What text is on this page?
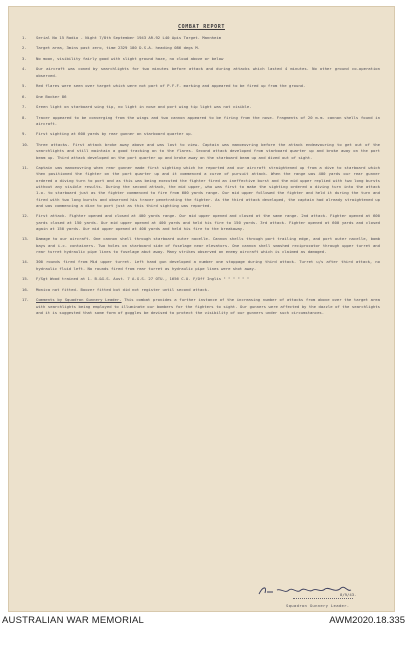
COMBAT REPORT
1.	Serial No 15 Radio - Night 7/8th September 1943 AR-92 L40 Apis Target. Mannheim
2.	Target area, 3mins past zero, time 2329 180 D.S.A. heading 086 degs M.
3.	No moon, visibility fairly good with slight ground haze, no cloud above or below
4.	Our aircraft was coned by searchlights for two minutes before attack and during attacks which lasted 4 minutes. No other ground co-operation observed.
5.	Red flares were seen over target which were not part of P.F.F. marking and appeared to be fired up from the ground.
6.	One Bocker 86
7.	Green light on starboard wing tip, no light in nose and port wing tip light was not visible.
8.	Tracer appeared to be converging from the wings and two cannon appeared to be firing from the nose. Fragments of 20 m.m. cannon shells found in aircraft.
9.	First sighting at 600 yards by rear gunner on starboard quarter up.
10.	Three attacks. First attack broke away above and was lost to view. Captain was manoeuvring before the attack endeavouring to get out of the searchlights and still maintain a good tracking on to the flares. Second attack developed from starboard quarter up and broke away on the port beam up. Third attack developed on the port quarter up and broke away on the starboard beam up and dived out of sight.
11.	Captain was manoeuvring when rear gunner made first sighting which he reported and our aircraft straightened up from a dive to starboard which then positioned the fighter on the port quarter up and it commenced a curve of pursuit attack. When the range was 400 yards our rear gunner ordered a diving turn to port and as this was being executed the fighter fired an ineffective burst and the mid upper replied with two long bursts without any visible results. During the second attack, the mid upper, who was first to make the sighting ordered a diving turn into the attack 1.o. to starboard just as the fighter commenced to fire from 600 yards range. Our mid upper followed the fighter and held it during the turn and fired with two long bursts and observed his tracer penetrating the fighter. As the third attack developed, the captain had already straightened up and was commencing a dive to port just as this third sighting was reported.
12.	First attack. Fighter opened and closed at 400 yards range. Our mid upper opened and closed at the same range. 2nd attack. Fighter opened at 600 yards closed at 150 yards. Our mid upper opened at 400 yards and held his fire to 150 yards. 3rd attack. Fighter opened at 600 yards and closed again at 150 yards. Our mid upper opened at 400 yards and held his fire to the breakaway.
13.	Damage to our aircraft. One cannon shell through starboard outer nacelle. Cannon shells through port trailing edge, and port outer nacelle, bomb bays and i.c. containers. Two holes on starboard side of fuselage near elevators. One cannon shell smashed reciprocator through upper turret and rear turret hydraulic pipe lines to fuselage abut away. Many strikes observed on enemy aircraft which is claimed as damaged.
14.	300 rounds fired from Mid upper turret. Left hand gun developed a number one stoppage during third attack. Turret u/s after third attack, no hydraulic fluid left. No rounds fired from rear turret as hydraulic pipe lines were shot away.
15.	F/Sgt Wood trained at 1. B.&G.S. Aust. 7 A.G.S. 27 OTU., 1656 C.U. F/Off Inglis " " " " " "
16.	Monica not fitted. Boozer fitted but did not register until second attack.
17.	Comments by Squadron Gunnery Leader. This combat provides a further instance of the increasing number of attacks from above over the target area with searchlights being employed to illuminate our bombers for the fighters to sight. Our gunners were affected by the dazzle of the searchlights and it is suggested that some form of goggles be devised to protect the visibility of our gunners under such circumstances.
8/9/43.
Squadron Gunnery Leader.
AUSTRALIAN WAR MEMORIAL	AWM2020.18.335
